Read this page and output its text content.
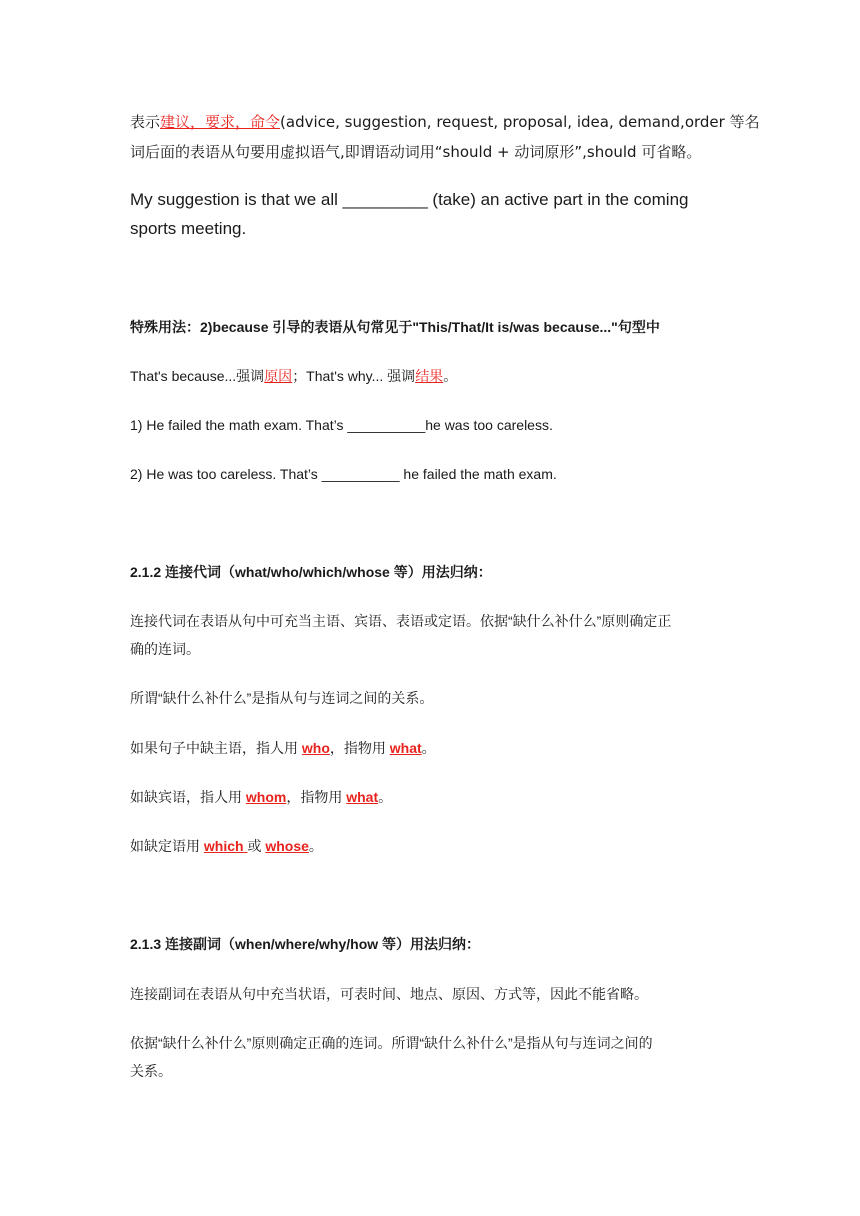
表示建议，要求，命令(advice, suggestion, request, proposal, idea, demand,order 等名
词后面的表语从句要用虚拟语气,即谓语动词用“should + 动词原形”,should 可省略。
My suggestion is that we all _________ (take) an active part in the coming
sports meeting.
特殊用法：2)because 引导的表语从句常见于"This/That/It is/was because..."句型中
That's because...强调原因；That's why... 强调结果。
1) He failed the math exam. That’s __________he was too careless.
2) He was too careless. That’s __________ he failed the math exam.
2.1.2 连接代词（what/who/which/whose 等）用法归纳：
连接代词在表语从句中可充当主语、宾语、表语或定语。依据“缺什么补什么”原则确定正
确的连词。
所谓“缺什么补什么”是指从句与连词之间的关系。
如果句子中缺主语，指人用 who，指物用 what。
如缺宾语，指人用 whom，指物用 what。
如缺定语用 which 或 whose。
2.1.3 连接副词（when/where/why/how 等）用法归纳：
连接副词在表语从句中充当状语，可表时间、地点、原因、方式等，因此不能省略。
依据“缺什么补什么”原则确定正确的连词。所谓“缺什么补什么”是指从句与连词之间的
关系。
